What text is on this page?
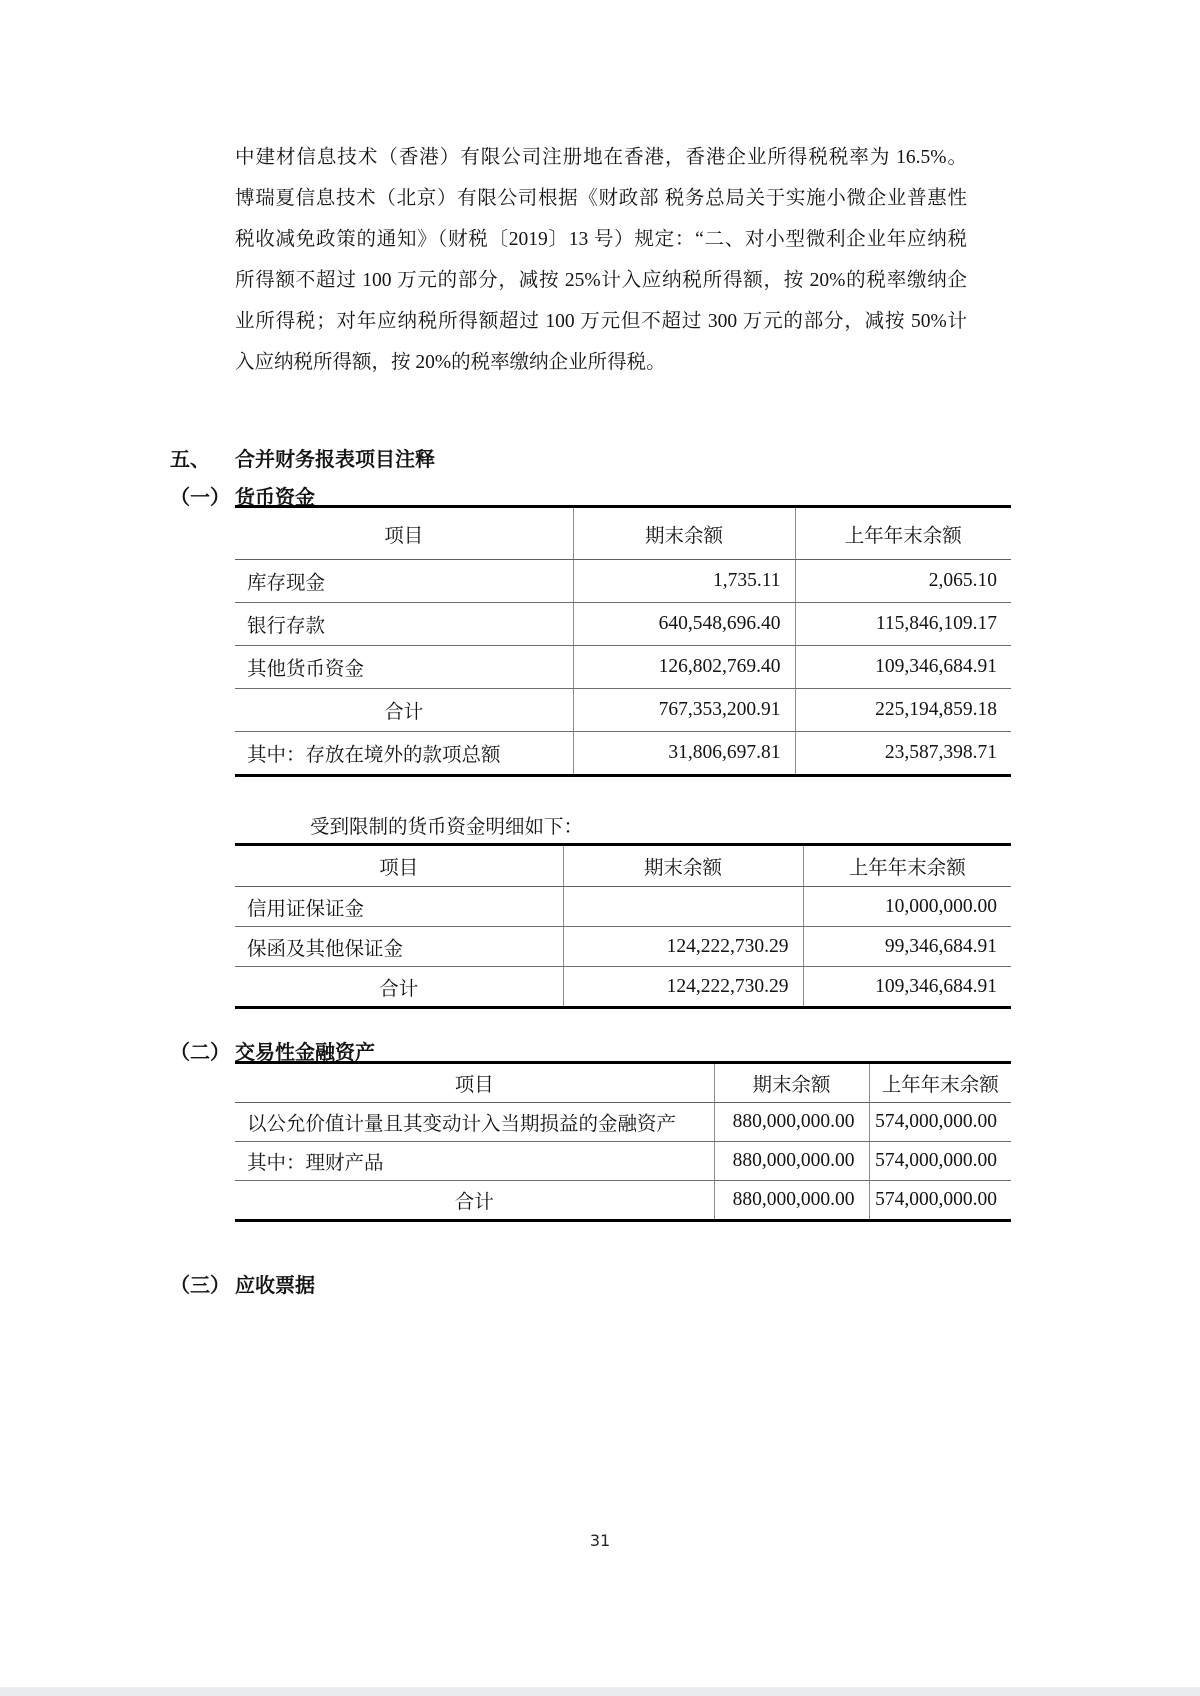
中建材信息技术（香港）有限公司注册地在香港，香港企业所得税税率为 16.5%。
博瑞夏信息技术（北京）有限公司根据《财政部 税务总局关于实施小微企业普惠性
税收减免政策的通知》（财税〔2019〕13 号）规定：“二、对小型微利企业年应纳税
所得额不超过 100 万元的部分，减按 25%计入应纳税所得额，按 20%的税率缴纳企
业所得税；对年应纳税所得额超过 100 万元但不超过 300 万元的部分，减按 50%计
入应纳税所得额，按 20%的税率缴纳企业所得税。
五、 合并财务报表项目注释
（一） 货币资金
项目	期末余额	上年年末余额
库存现金	1,735.11	2,065.10
银行存款	640,548,696.40	115,846,109.17
其他货币资金	126,802,769.40	109,346,684.91
合计	767,353,200.91	225,194,859.18
其中：存放在境外的款项总额	31,806,697.81	23,587,398.71
受到限制的货币资金明细如下：
项目	期末余额	上年年末余额
信用证保证金		10,000,000.00
保函及其他保证金	124,222,730.29	99,346,684.91
合计	124,222,730.29	109,346,684.91
（二） 交易性金融资产
项目	期末余额	上年年末余额
以公允价值计量且其变动计入当期损益的金融资产	880,000,000.00	574,000,000.00
其中：理财产品	880,000,000.00	574,000,000.00
合计	880,000,000.00	574,000,000.00
（三） 应收票据
31
